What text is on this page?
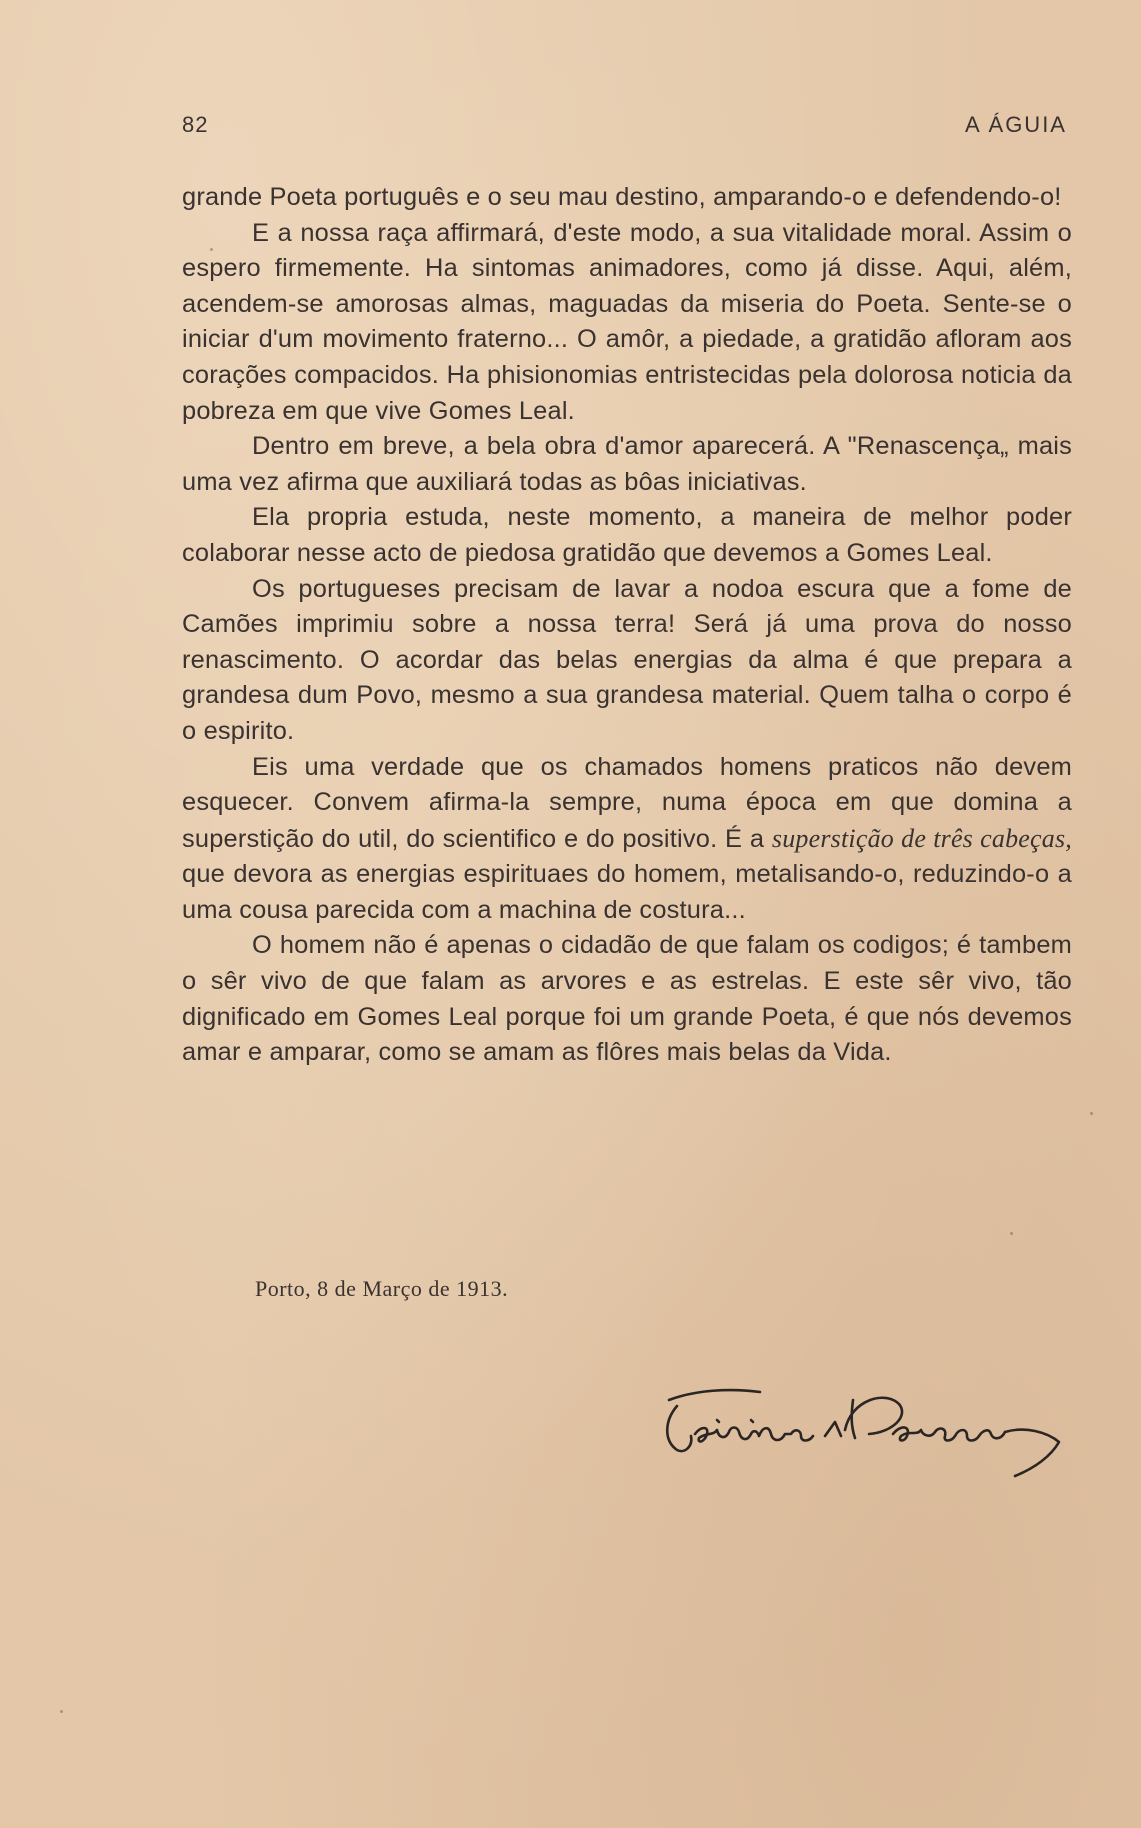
82	A ÁGUIA

grande Poeta português e o seu mau destino, amparando-o e defendendo-o!

E a nossa raça affirmará, d'este modo, a sua vitalidade moral. Assim o espero firmemente. Ha sintomas animadores, como já disse. Aqui, além, acendem-se amorosas almas, maguadas da miseria do Poeta. Sente-se o iniciar d'um movimento fraterno... O amôr, a piedade, a gratidão afloram aos corações compacidos. Ha phisionomias entristecidas pela dolorosa noticia da pobreza em que vive Gomes Leal.

Dentro em breve, a bela obra d'amor aparecerá. A "Renascença„ mais uma vez afirma que auxiliará todas as bôas iniciativas.

Ela propria estuda, neste momento, a maneira de melhor poder colaborar nesse acto de piedosa gratidão que devemos a Gomes Leal.

Os portugueses precisam de lavar a nodoa escura que a fome de Camões imprimiu sobre a nossa terra! Será já uma prova do nosso renascimento. O acordar das belas energias da alma é que prepara a grandesa dum Povo, mesmo a sua grandesa material. Quem talha o corpo é o espirito.

Eis uma verdade que os chamados homens praticos não devem esquecer. Convem afirma-la sempre, numa época em que domina a superstição do util, do scientifico e do positivo. É a superstição de três cabeças, que devora as energias espirituaes do homem, metalisando-o, reduzindo-o a uma cousa parecida com a machina de costura...

O homem não é apenas o cidadão de que falam os codigos; é tambem o sêr vivo de que falam as arvores e as estrelas. E este sêr vivo, tão dignificado em Gomes Leal porque foi um grande Poeta, é que nós devemos amar e amparar, como se amam as flôres mais belas da Vida.

Porto, 8 de Março de 1913.
